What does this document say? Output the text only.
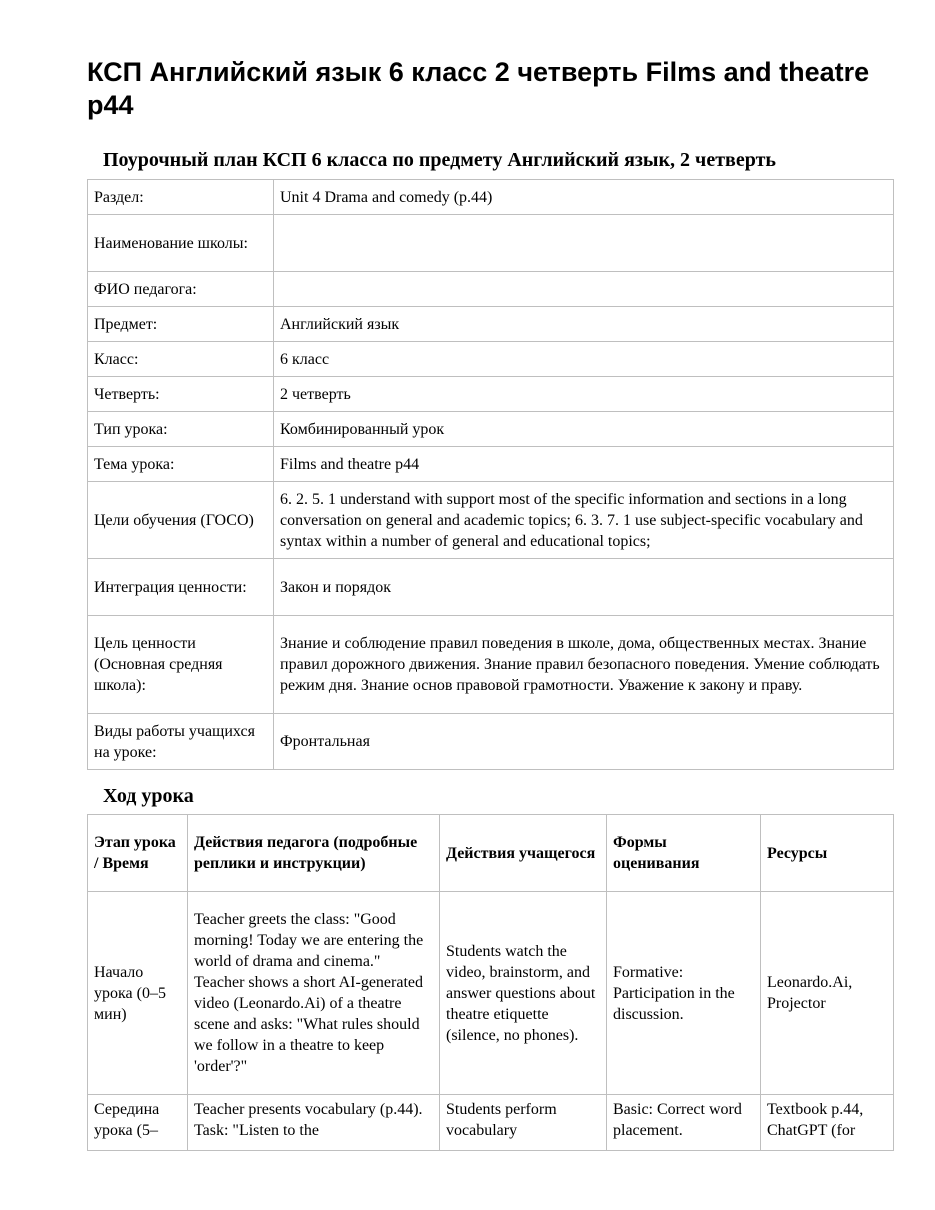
КСП Английский язык 6 класс 2 четверть Films and theatre p44
Поурочный план КСП 6 класса по предмету Английский язык, 2 четверть
Раздел:	Unit 4 Drama and comedy (p.44)
Наименование школы:	
ФИО педагога:	
Предмет:	Английский язык
Класс:	6 класс
Четверть:	2 четверть
Тип урока:	Комбинированный урок
Тема урока:	Films and theatre p44
Цели обучения (ГОСО)	6. 2. 5. 1 understand with support most of the specific information and sections in a long conversation on general and academic topics; 6. 3. 7. 1 use subject-specific vocabulary and syntax within a number of general and educational topics;
Интеграция ценности:	Закон и порядок
Цель ценности (Основная средняя школа):	Знание и соблюдение правил поведения в школе, дома, общественных местах. Знание правил дорожного движения. Знание правил безопасного поведения. Умение соблюдать режим дня. Знание основ правовой грамотности. Уважение к закону и праву.
Виды работы учащихся на уроке:	Фронтальная
Ход урока
Этап урока / Время	Действия педагога (подробные реплики и инструкции)	Действия учащегося	Формы оценивания	Ресурсы
Начало урока (0–5 мин)	Teacher greets the class: "Good morning! Today we are entering the world of drama and cinema." Teacher shows a short AI-generated video (Leonardo.Ai) of a theatre scene and asks: "What rules should we follow in a theatre to keep 'order'?"	Students watch the video, brainstorm, and answer questions about theatre etiquette (silence, no phones).	Formative: Participation in the discussion.	Leonardo.Ai, Projector
Середина урока (5–	Teacher presents vocabulary (p.44). Task: "Listen to the	Students perform vocabulary	Basic: Correct word placement.	Textbook p.44, ChatGPT (for
